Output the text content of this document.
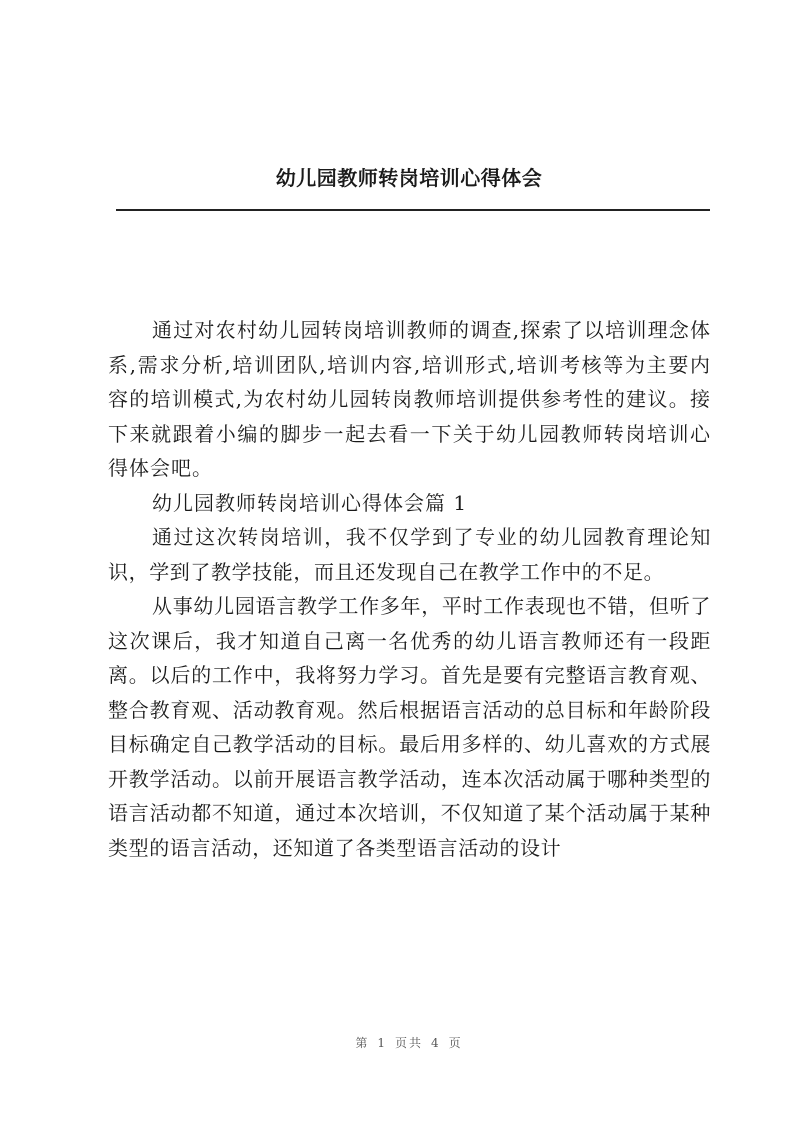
幼儿园教师转岗培训心得体会

通过对农村幼儿园转岗培训教师的调查,探索了以培训理念体系,需求分析,培训团队,培训内容,培训形式,培训考核等为主要内容的培训模式,为农村幼儿园转岗教师培训提供参考性的建议。接下来就跟着小编的脚步一起去看一下关于幼儿园教师转岗培训心得体会吧。

幼儿园教师转岗培训心得体会篇 1

通过这次转岗培训，我不仅学到了专业的幼儿园教育理论知识，学到了教学技能，而且还发现自己在教学工作中的不足。

从事幼儿园语言教学工作多年，平时工作表现也不错，但听了这次课后，我才知道自己离一名优秀的幼儿语言教师还有一段距离。以后的工作中，我将努力学习。首先是要有完整语言教育观、整合教育观、活动教育观。然后根据语言活动的总目标和年龄阶段目标确定自己教学活动的目标。最后用多样的、幼儿喜欢的方式展开教学活动。以前开展语言教学活动，连本次活动属于哪种类型的语言活动都不知道，通过本次培训，不仅知道了某个活动属于某种类型的语言活动，还知道了各类型语言活动的设计

第 1 页共 4 页
